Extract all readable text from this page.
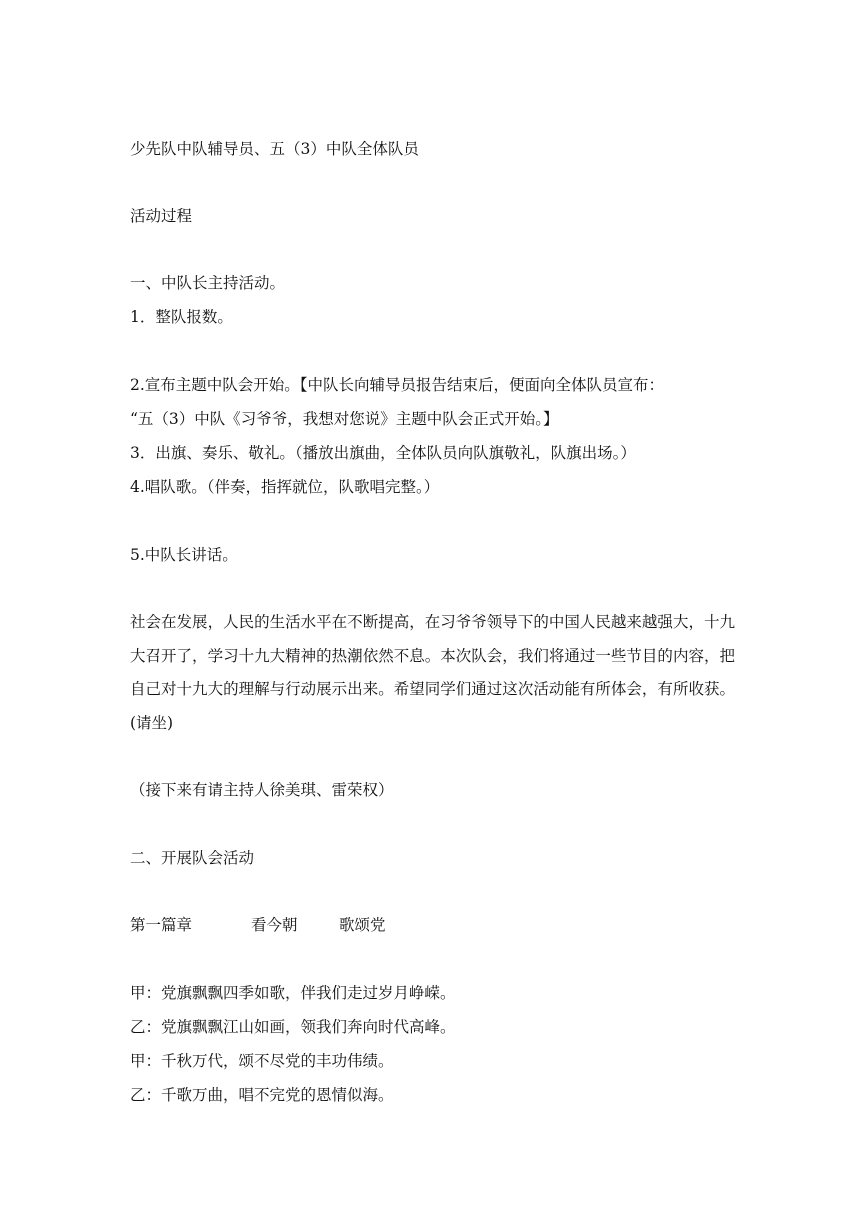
少先队中队辅导员、五（3）中队全体队员
活动过程
一、中队长主持活动。
1．整队报数。
2.宣布主题中队会开始。【中队长向辅导员报告结束后，便面向全体队员宣布：
“五（3）中队《习爷爷，我想对您说》主题中队会正式开始。】
3．出旗、奏乐、敬礼。（播放出旗曲，全体队员向队旗敬礼，队旗出场。）
4.唱队歌。（伴奏，指挥就位，队歌唱完整。）
5.中队长讲话。
社会在发展，人民的生活水平在不断提高，在习爷爷领导下的中国人民越来越强大，十九大召开了，学习十九大精神的热潮依然不息。本次队会，我们将通过一些节目的内容，把自己对十九大的理解与行动展示出来。希望同学们通过这次活动能有所体会，有所收获。(请坐)
（接下来有请主持人徐美琪、雷荣权）
二、开展队会活动
第一篇章	看今朝	歌颂党
甲：党旗飘飘四季如歌，伴我们走过岁月峥嵘。
乙：党旗飘飘江山如画，领我们奔向时代高峰。
甲：千秋万代，颂不尽党的丰功伟绩。
乙：千歌万曲，唱不完党的恩情似海。
